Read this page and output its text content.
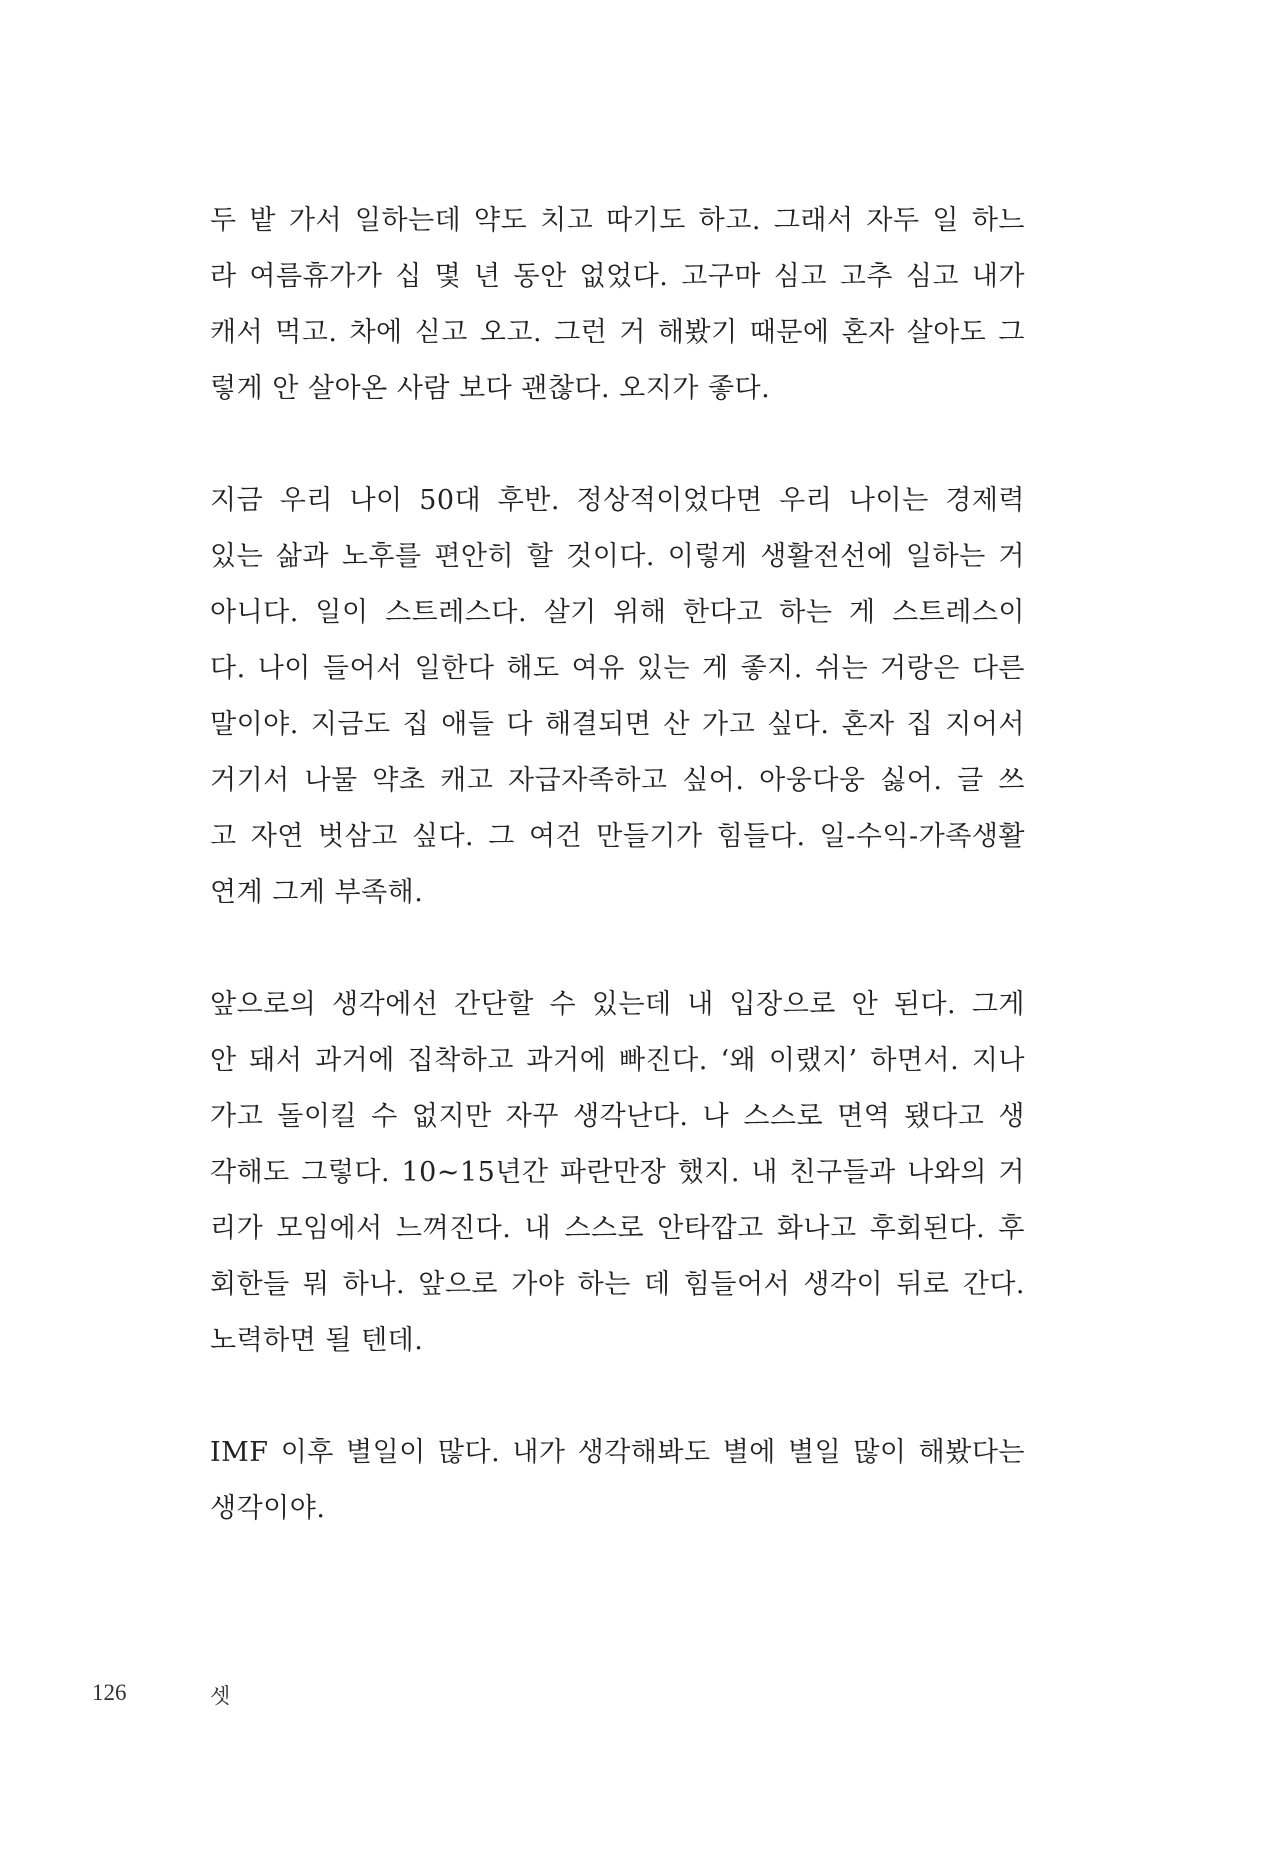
두 밭 가서 일하는데 약도 치고 따기도 하고. 그래서 자두 일 하느
라 여름휴가가 십 몇 년 동안 없었다. 고구마 심고 고추 심고 내가
캐서 먹고. 차에 싣고 오고. 그런 거 해봤기 때문에 혼자 살아도 그
렇게 안 살아온 사람 보다 괜찮다. 오지가 좋다.

지금 우리 나이 50대 후반. 정상적이었다면 우리 나이는 경제력
있는 삶과 노후를 편안히 할 것이다. 이렇게 생활전선에 일하는 거
아니다. 일이 스트레스다. 살기 위해 한다고 하는 게 스트레스이
다. 나이 들어서 일한다 해도 여유 있는 게 좋지. 쉬는 거랑은 다른
말이야. 지금도 집 애들 다 해결되면 산 가고 싶다. 혼자 집 지어서
거기서 나물 약초 캐고 자급자족하고 싶어. 아웅다웅 싫어. 글 쓰
고 자연 벗삼고 싶다. 그 여건 만들기가 힘들다. 일-수익-가족생활
연계 그게 부족해.

앞으로의 생각에선 간단할 수 있는데 내 입장으로 안 된다. 그게
안 돼서 과거에 집착하고 과거에 빠진다. ‘왜 이랬지’ 하면서. 지나
가고 돌이킬 수 없지만 자꾸 생각난다. 나 스스로 면역 됐다고 생
각해도 그렇다. 10~15년간 파란만장 했지. 내 친구들과 나와의 거
리가 모임에서 느껴진다. 내 스스로 안타깝고 화나고 후회된다. 후
회한들 뭐 하나. 앞으로 가야 하는 데 힘들어서 생각이 뒤로 간다.
노력하면 될 텐데.

IMF 이후 별일이 많다. 내가 생각해봐도 별에 별일 많이 해봤다는
생각이야.

126	셋
